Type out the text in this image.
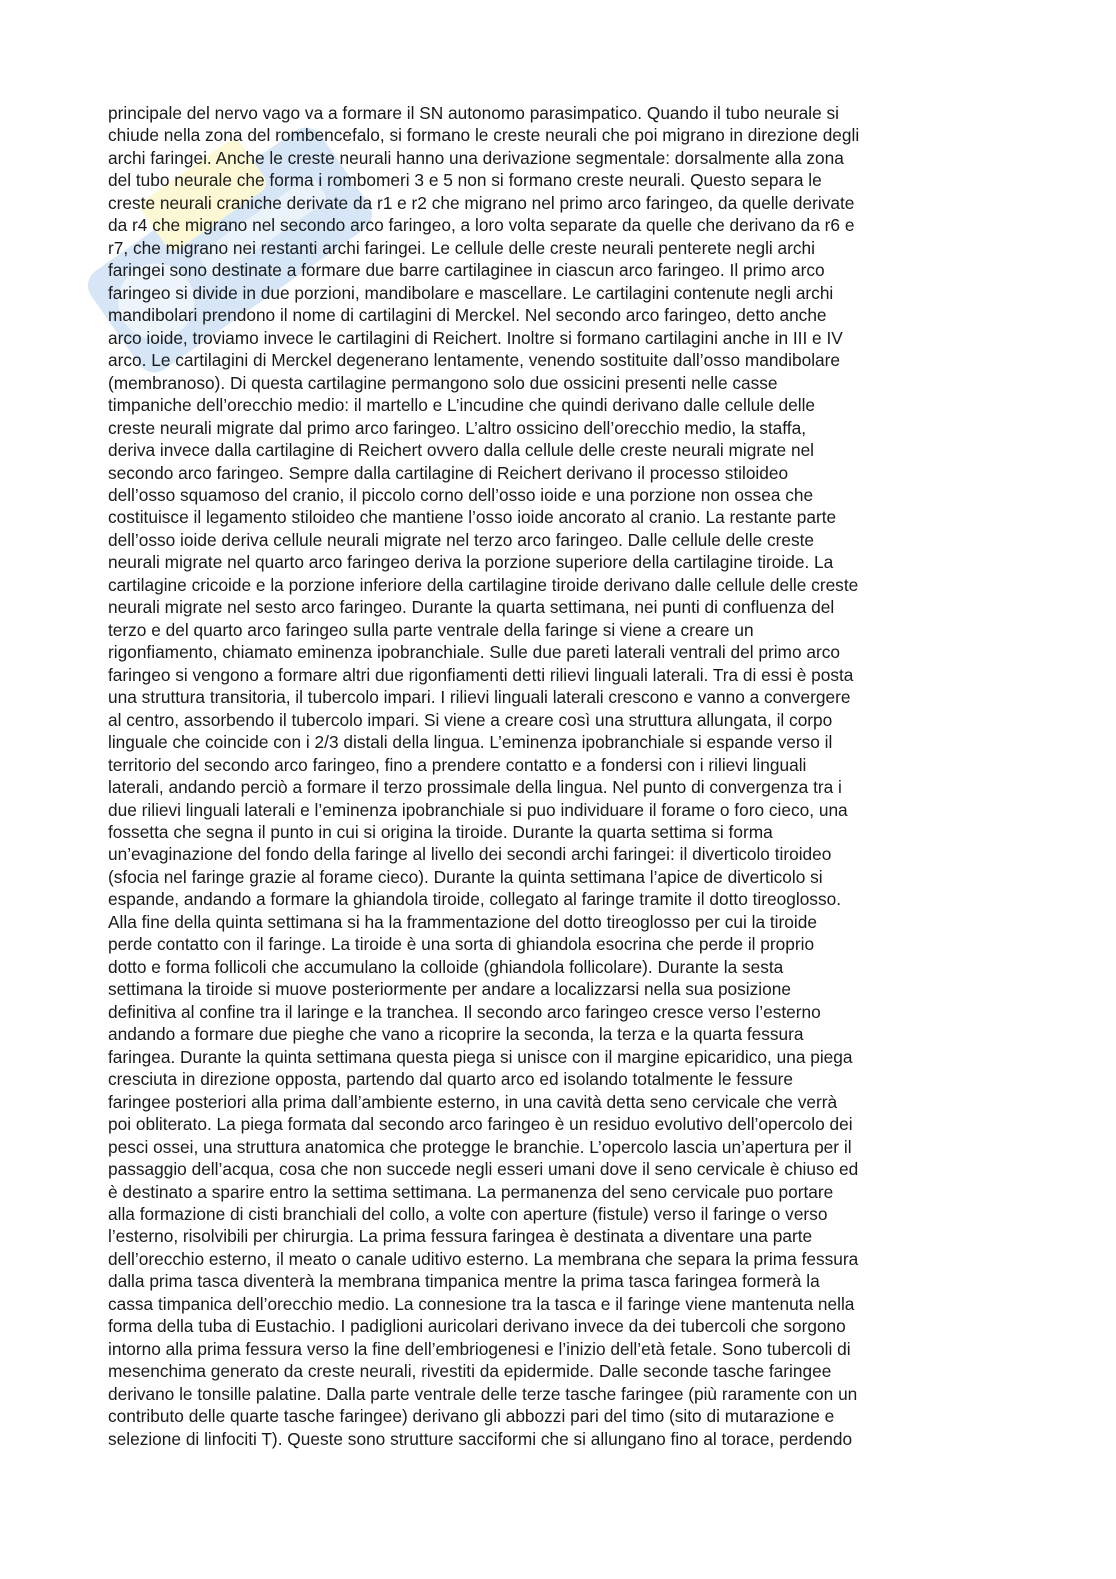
principale del nervo vago va a formare il SN autonomo parasimpatico. Quando il tubo neurale si
chiude nella zona del rombencefalo, si formano le creste neurali che poi migrano in direzione degli
archi faringei. Anche le creste neurali hanno una derivazione segmentale: dorsalmente alla zona
del tubo neurale che forma i rombomeri 3 e 5 non si formano creste neurali. Questo separa le
creste neurali craniche derivate da r1 e r2 che migrano nel primo arco faringeo, da quelle derivate
da r4 che migrano nel secondo arco faringeo, a loro volta separate da quelle che derivano da r6 e
r7, che migrano nei restanti archi faringei. Le cellule delle creste neurali penterete negli archi
faringei sono destinate a formare due barre cartilaginee in ciascun arco faringeo. Il primo arco
faringeo si divide in due porzioni, mandibolare e mascellare. Le cartilagini contenute negli archi
mandibolari prendono il nome di cartilagini di Merckel. Nel secondo arco faringeo, detto anche
arco ioide, troviamo invece le cartilagini di Reichert. Inoltre si formano cartilagini anche in III e IV
arco. Le cartilagini di Merckel degenerano lentamente, venendo sostituite dall’osso mandibolare
(membranoso). Di questa cartilagine permangono solo due ossicini presenti nelle casse
timpaniche dell’orecchio medio: il martello e L’incudine che quindi derivano dalle cellule delle
creste neurali migrate dal primo arco faringeo. L’altro ossicino dell’orecchio medio, la staffa,
deriva invece dalla cartilagine di Reichert ovvero dalla cellule delle creste neurali migrate nel
secondo arco faringeo. Sempre dalla cartilagine di Reichert derivano il processo stiloideo
dell’osso squamoso del cranio, il piccolo corno dell’osso ioide e una porzione non ossea che
costituisce il legamento stiloideo che mantiene l’osso ioide ancorato al cranio. La restante parte
dell’osso ioide deriva cellule neurali migrate nel terzo arco faringeo. Dalle cellule delle creste
neurali migrate nel quarto arco faringeo deriva la porzione superiore della cartilagine tiroide. La
cartilagine cricoide e la porzione inferiore della cartilagine tiroide derivano dalle cellule delle creste
neurali migrate nel sesto arco faringeo. Durante la quarta settimana, nei punti di confluenza del
terzo e del quarto arco faringeo sulla parte ventrale della faringe si viene a creare un
rigonfiamento, chiamato eminenza ipobranchiale. Sulle due pareti laterali ventrali del primo arco
faringeo si vengono a formare altri due rigonfiamenti detti rilievi linguali laterali. Tra di essi è posta
una struttura transitoria, il tubercolo impari. I rilievi linguali laterali crescono e vanno a convergere
al centro, assorbendo il tubercolo impari. Si viene a creare così una struttura allungata, il corpo
linguale che coincide con i 2/3 distali della lingua. L’eminenza ipobranchiale si espande verso il
territorio del secondo arco faringeo, fino a prendere contatto e a fondersi con i rilievi linguali
laterali, andando perciò a formare il terzo prossimale della lingua. Nel punto di convergenza tra i
due rilievi linguali laterali e l’eminenza ipobranchiale si puo individuare il forame o foro cieco, una
fossetta che segna il punto in cui si origina la tiroide. Durante la quarta settima si forma
un’evaginazione del fondo della faringe al livello dei secondi archi faringei: il diverticolo tiroideo
(sfocia nel faringe grazie al forame cieco). Durante la quinta settimana l’apice de diverticolo si
espande, andando a formare la ghiandola tiroide, collegato al faringe tramite il dotto tireoglosso.
Alla fine della quinta settimana si ha la frammentazione del dotto tireoglosso per cui la tiroide
perde contatto con il faringe. La tiroide è una sorta di ghiandola esocrina che perde il proprio
dotto e forma follicoli che accumulano la colloide (ghiandola follicolare). Durante la sesta
settimana la tiroide si muove posteriormente per andare a localizzarsi nella sua posizione
definitiva al confine tra il laringe e la tranchea. Il secondo arco faringeo cresce verso l’esterno
andando a formare due pieghe che vano a ricoprire la seconda, la terza e la quarta fessura
faringea. Durante la quinta settimana questa piega si unisce con il margine epicaridico, una piega
cresciuta in direzione opposta, partendo dal quarto arco ed isolando totalmente le fessure
faringee posteriori alla prima dall’ambiente esterno, in una cavità detta seno cervicale che verrà
poi obliterato. La piega formata dal secondo arco faringeo è un residuo evolutivo dell’opercolo dei
pesci ossei, una struttura anatomica che protegge le branchie. L’opercolo lascia un’apertura per il
passaggio dell’acqua, cosa che non succede negli esseri umani dove il seno cervicale è chiuso ed
è destinato a sparire entro la settima settimana. La permanenza del seno cervicale puo portare
alla formazione di cisti branchiali del collo, a volte con aperture (fistule) verso il faringe o verso
l’esterno, risolvibili per chirurgia. La prima fessura faringea è destinata a diventare una parte
dell’orecchio esterno, il meato o canale uditivo esterno. La membrana che separa la prima fessura
dalla prima tasca diventerà la membrana timpanica mentre la prima tasca faringea formerà la
cassa timpanica dell’orecchio medio. La connesione tra la tasca e il faringe viene mantenuta nella
forma della tuba di Eustachio. I padiglioni auricolari derivano invece da dei tubercoli che sorgono
intorno alla prima fessura verso la fine dell’embriogenesi e l’inizio dell’età fetale. Sono tubercoli di
mesenchima generato da creste neurali, rivestiti da epidermide. Dalle seconde tasche faringee
derivano le tonsille palatine. Dalla parte ventrale delle terze tasche faringee (più raramente con un
contributo delle quarte tasche faringee) derivano gli abbozzi pari del timo (sito di mutarazione e
selezione di linfociti T). Queste sono strutture sacciformi che si allungano fino al torace, perdendo
